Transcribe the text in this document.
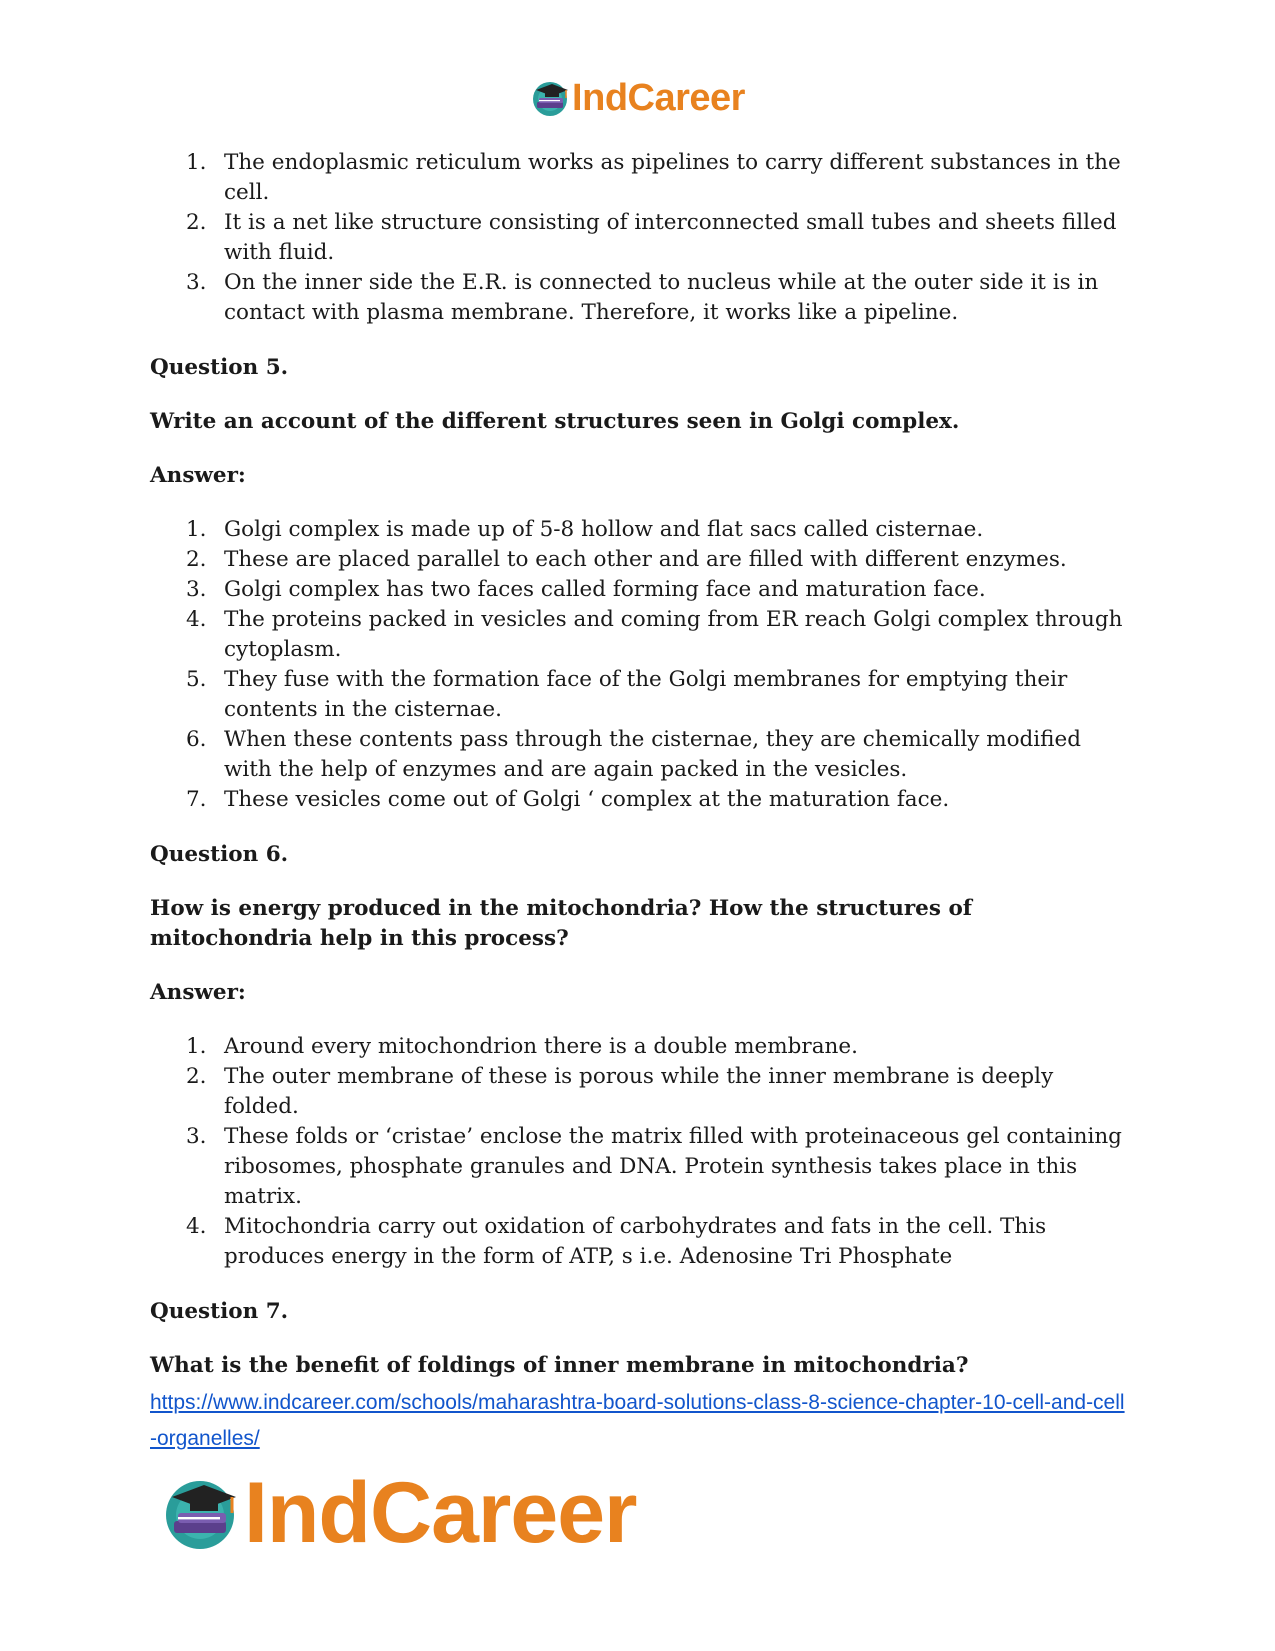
IndCareer
1. The endoplasmic reticulum works as pipelines to carry different substances in the cell.
2. It is a net like structure consisting of interconnected small tubes and sheets filled with fluid.
3. On the inner side the E.R. is connected to nucleus while at the outer side it is in contact with plasma membrane. Therefore, it works like a pipeline.

Question 5.

Write an account of the different structures seen in Golgi complex.

Answer:

1. Golgi complex is made up of 5-8 hollow and flat sacs called cisternae.
2. These are placed parallel to each other and are filled with different enzymes.
3. Golgi complex has two faces called forming face and maturation face.
4. The proteins packed in vesicles and coming from ER reach Golgi complex through cytoplasm.
5. They fuse with the formation face of the Golgi membranes for emptying their contents in the cisternae.
6. When these contents pass through the cisternae, they are chemically modified with the help of enzymes and are again packed in the vesicles.
7. These vesicles come out of Golgi ‘ complex at the maturation face.

Question 6.

How is energy produced in the mitochondria? How the structures of mitochondria help in this process?

Answer:

1. Around every mitochondrion there is a double membrane.
2. The outer membrane of these is porous while the inner membrane is deeply folded.
3. These folds or ‘cristae’ enclose the matrix filled with proteinaceous gel containing ribosomes, phosphate granules and DNA. Protein synthesis takes place in this matrix.
4. Mitochondria carry out oxidation of carbohydrates and fats in the cell. This produces energy in the form of ATP, s i.e. Adenosine Tri Phosphate

Question 7.

What is the benefit of foldings of inner membrane in mitochondria?

https://www.indcareer.com/schools/maharashtra-board-solutions-class-8-science-chapter-10-cell-and-cell-organelles/
IndCareer
